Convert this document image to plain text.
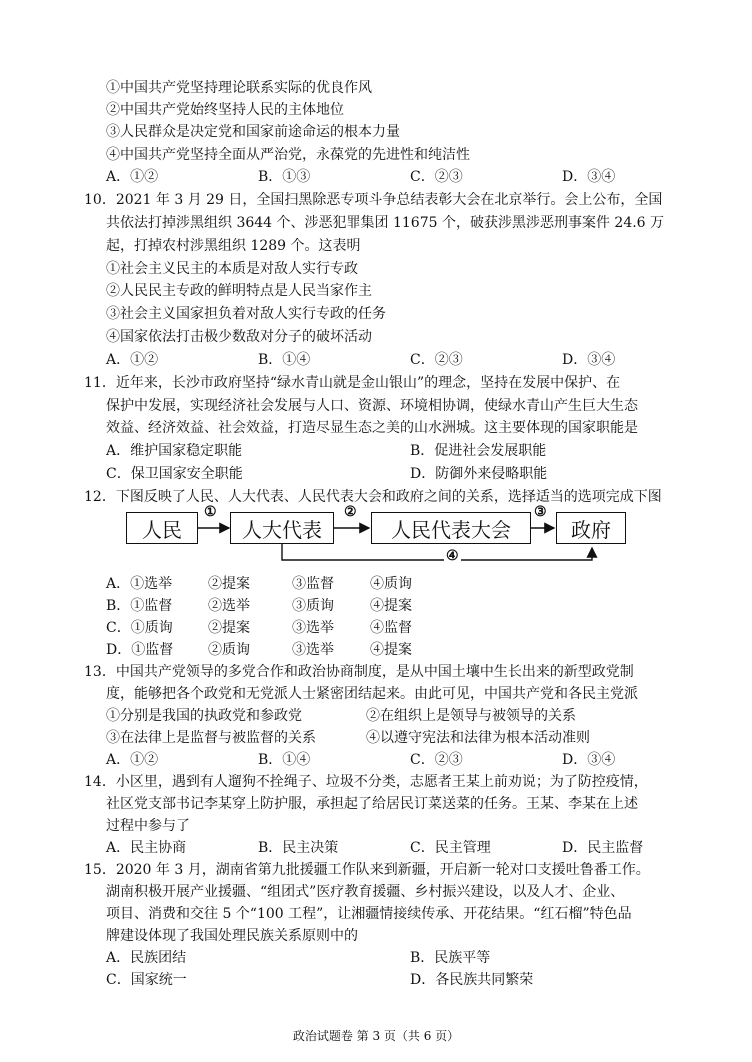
①中国共产党坚持理论联系实际的优良作风
②中国共产党始终坚持人民的主体地位
③人民群众是决定党和国家前途命运的根本力量
④中国共产党坚持全面从严治党，永葆党的先进性和纯洁性
A．①②	B．①③	C．②③	D．③④
10．2021 年 3 月 29 日，全国扫黑除恶专项斗争总结表彰大会在北京举行。会上公布，全国
共依法打掉涉黑组织 3644 个、涉恶犯罪集团 11675 个，破获涉黑涉恶刑事案件 24.6 万
起，打掉农村涉黑组织 1289 个。这表明
①社会主义民主的本质是对敌人实行专政
②人民民主专政的鲜明特点是人民当家作主
③社会主义国家担负着对敌人实行专政的任务
④国家依法打击极少数敌对分子的破坏活动
A．①②	B．①④	C．②③	D．③④
11．近年来，长沙市政府坚持“绿水青山就是金山银山”的理念，坚持在发展中保护、在
保护中发展，实现经济社会发展与人口、资源、环境相协调，使绿水青山产生巨大生态
效益、经济效益、社会效益，打造尽显生态之美的山水洲城。这主要体现的国家职能是
A．维护国家稳定职能	B．促进社会发展职能
C．保卫国家安全职能	D．防御外来侵略职能
12．下图反映了人民、人大代表、人民代表大会和政府之间的关系，选择适当的选项完成下图
人民	人大代表	人民代表大会	政府
①	②	③
④
A．①选举	②提案	③监督	④质询
B．①监督	②选举	③质询	④提案
C．①质询	②提案	③选举	④监督
D．①监督 ②质询	③选举	④提案
13．中国共产党领导的多党合作和政治协商制度，是从中国土壤中生长出来的新型政党制
度，能够把各个政党和无党派人士紧密团结起来。由此可见，中国共产党和各民主党派
①分别是我国的执政党和参政党	②在组织上是领导与被领导的关系
③在法律上是监督与被监督的关系	④以遵守宪法和法律为根本活动准则
A．①②	B．①④	C．②③	D．③④
14．小区里，遇到有人遛狗不拴绳子、垃圾不分类，志愿者王某上前劝说；为了防控疫情，
社区党支部书记李某穿上防护服，承担起了给居民订菜送菜的任务。王某、李某在上述
过程中参与了
A．民主协商	B．民主决策	C．民主管理	D．民主监督
15．2020 年 3 月，湖南省第九批援疆工作队来到新疆，开启新一轮对口支援吐鲁番工作。
湖南积极开展产业援疆、“组团式”医疗教育援疆、乡村振兴建设，以及人才、企业、
项目、消费和交往 5 个“100 工程”，让湘疆情接续传承、开花结果。“红石榴”特色品
牌建设体现了我国处理民族关系原则中的
A．民族团结	B．民族平等
C．国家统一	D．各民族共同繁荣
政治试题卷 第 3 页（共 6 页）
